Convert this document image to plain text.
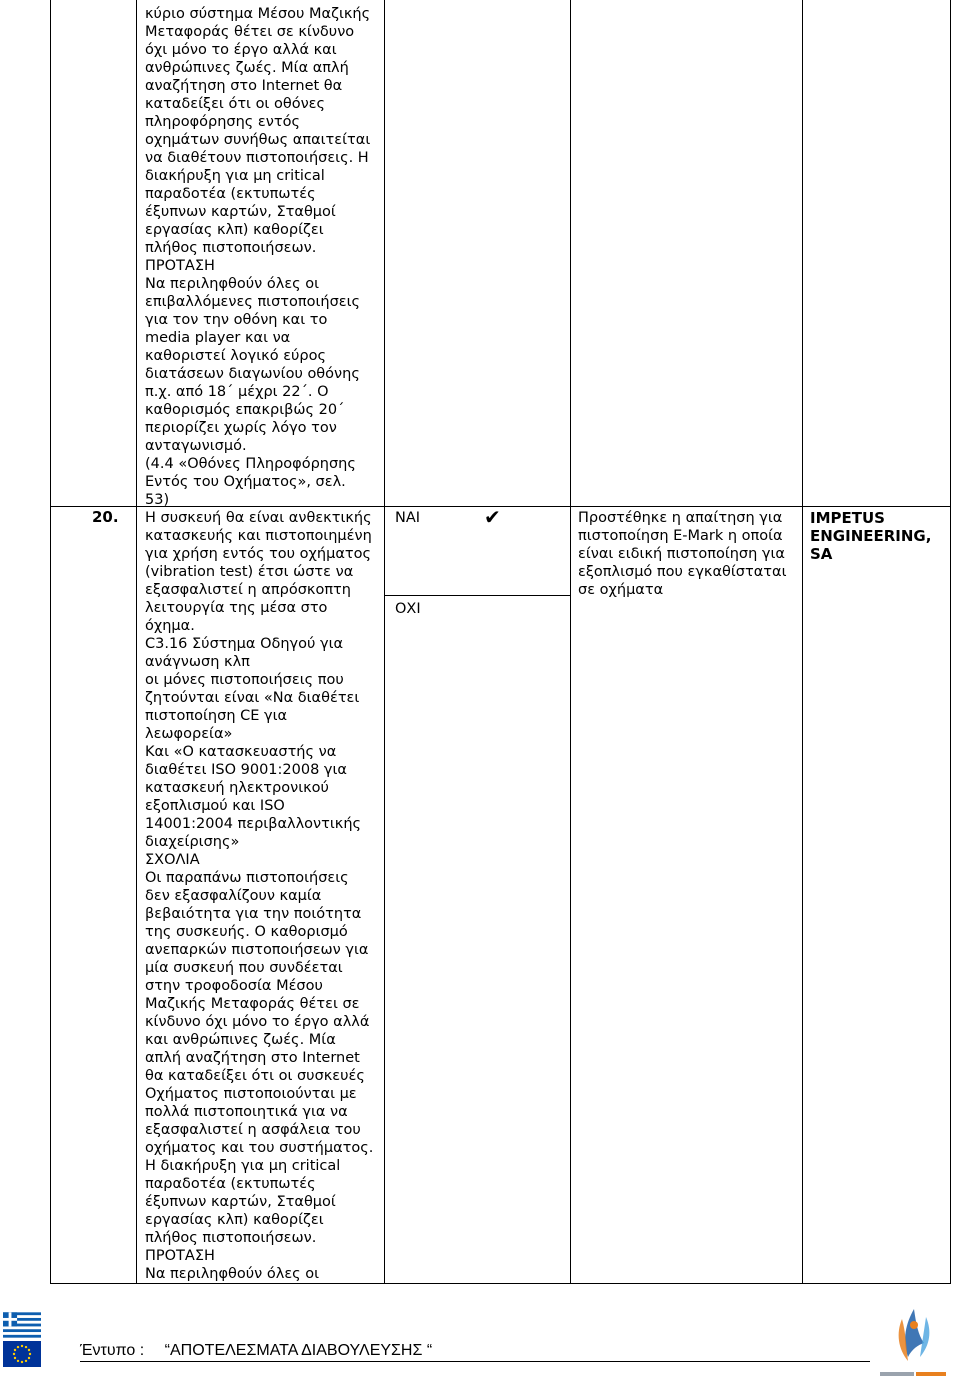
κύριο σύστημα Μέσου Μαζικής
Μεταφοράς θέτει σε κίνδυνο
όχι μόνο το έργο αλλά και
ανθρώπινες ζωές. Μία απλή
αναζήτηση στο Internet θα
καταδείξει ότι οι οθόνες
πληροφόρησης εντός
οχημάτων συνήθως απαιτείται
να διαθέτουν πιστοποιήσεις. Η
διακήρυξη για μη critical
παραδοτέα (εκτυπωτές
έξυπνων καρτών, Σταθμοί
εργασίας κλπ) καθορίζει
πλήθος πιστοποιήσεων.
ΠΡΟΤΑΣΗ
Να περιληφθούν όλες οι
επιβαλλόμενες πιστοποιήσεις
για τον την οθόνη και το
media player και να
καθοριστεί λογικό εύρος
διατάσεων διαγωνίου οθόνης
π.χ. από 18΄ μέχρι 22΄. Ο
καθορισμός επακριβώς 20΄
περιορίζει χωρίς λόγο τον
ανταγωνισμό.
(4.4 «Οθόνες Πληροφόρησης
Εντός του Οχήματος», σελ.
53)
20. Η συσκευή θα είναι ανθεκτικής
κατασκευής και πιστοποιημένη
για χρήση εντός του οχήματος
(vibration test) έτσι ώστε να
εξασφαλιστεί η απρόσκοπτη
λειτουργία της μέσα στο
όχημα.
C3.16 Σύστημα Οδηγού για
ανάγνωση κλπ
οι μόνες πιστοποιήσεις που
ζητούνται είναι «Να διαθέτει
πιστοποίηση CE για
λεωφορεία»
Και «Ο κατασκευαστής να
διαθέτει ISO 9001:2008 για
κατασκευή ηλεκτρονικού
εξοπλισμού και ISO
14001:2004 περιβαλλοντικής
διαχείρισης»
ΣΧΟΛΙΑ
Οι παραπάνω πιστοποιήσεις
δεν εξασφαλίζουν καμία
βεβαιότητα για την ποιότητα
της συσκευής. Ο καθορισμό
ανεπαρκών πιστοποιήσεων για
μία συσκευή που συνδέεται
στην τροφοδοσία Μέσου
Μαζικής Μεταφοράς θέτει σε
κίνδυνο όχι μόνο το έργο αλλά
και ανθρώπινες ζωές. Μία
απλή αναζήτηση στο Internet
θα καταδείξει ότι οι συσκευές
Οχήματος πιστοποιούνται με
πολλά πιστοποιητικά για να
εξασφαλιστεί η ασφάλεια του
οχήματος και του συστήματος.
Η διακήρυξη για μη critical
παραδοτέα (εκτυπωτές
έξυπνων καρτών, Σταθμοί
εργασίας κλπ) καθορίζει
πλήθος πιστοποιήσεων.
ΠΡΟΤΑΣΗ
Να περιληφθούν όλες οι
ΝΑΙ	✔
ΟΧΙ
Προστέθηκε η απαίτηση για
πιστοποίηση E-Mark η οποία
είναι ειδική πιστοποίηση για
εξοπλισμό που εγκαθίσταται
σε οχήματα
IMPETUS
ENGINEERING,
SA
Έντυπο : “ΑΠΟΤΕΛΕΣΜΑΤΑ ΔΙΑΒΟΥΛΕΥΣΗΣ “
